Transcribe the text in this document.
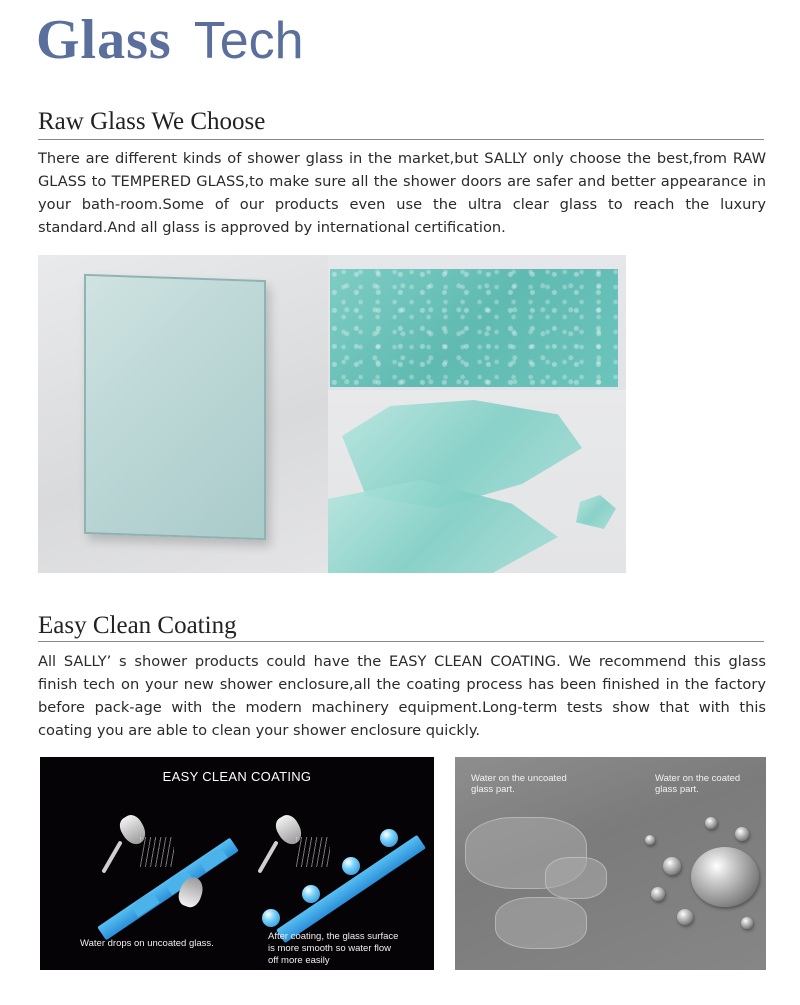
Glass Tech
Raw Glass We Choose
There are different kinds of shower glass in the market,but SALLY only choose the best,from RAW GLASS to TEMPERED GLASS,to make sure all the shower doors are safer and better appearance in your bath-room.Some of our products even use the ultra clear glass to reach the luxury standard.And all glass is approved by international certification.
Easy Clean Coating
All SALLY’ s shower products could have the EASY CLEAN COATING. We recommend this glass finish tech on your new shower enclosure,all the coating process has been finished in the factory before pack-age with the modern machinery equipment.Long-term tests show that with this coating you are able to clean your shower enclosure quickly.
EASY CLEAN COATING
Water drops on uncoated glass.
After coating, the glass surface
is more smooth so water flow
off more easily
Water on the uncoated
glass part.
Water on the coated
glass part.
